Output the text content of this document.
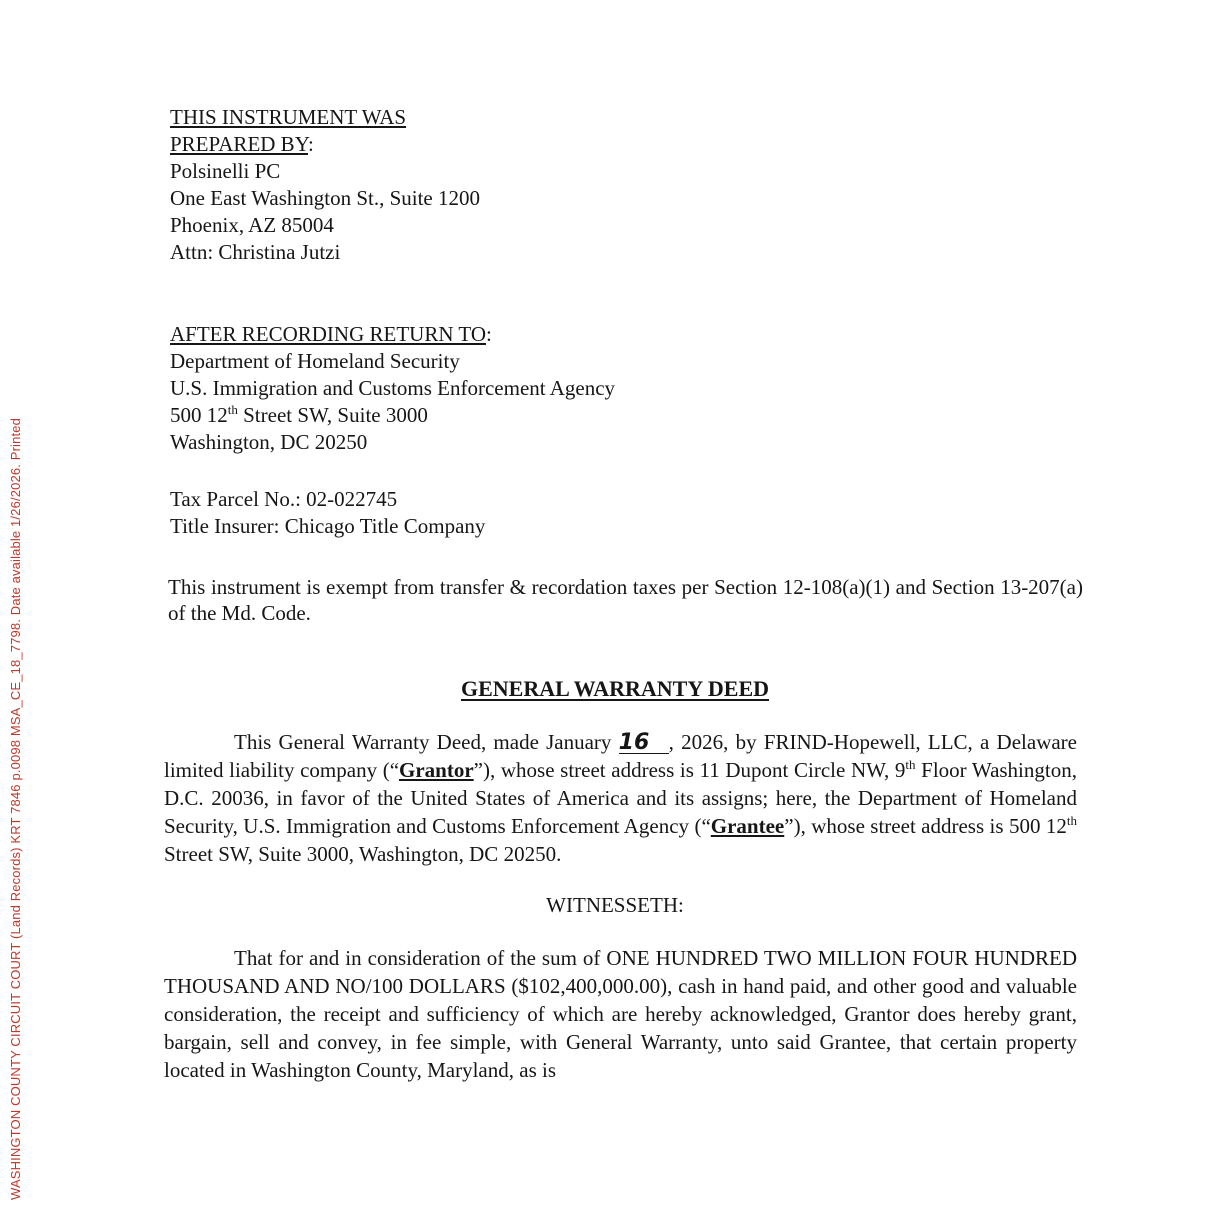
WASHINGTON COUNTY CIRCUIT COURT (Land Records) KRT 7846 p.0098 MSA_CE_18_7798. Date available 1/26/2026. Printed
THIS INSTRUMENT WAS
PREPARED BY:
Polsinelli PC
One East Washington St., Suite 1200
Phoenix, AZ 85004
Attn: Christina Jutzi
AFTER RECORDING RETURN TO:
Department of Homeland Security
U.S. Immigration and Customs Enforcement Agency
500 12th Street SW, Suite 3000
Washington, DC 20250
Tax Parcel No.: 02-022745
Title Insurer: Chicago Title Company
This instrument is exempt from transfer & recordation taxes per Section 12-108(a)(1) and Section 13-207(a) of the Md. Code.
GENERAL WARRANTY DEED
This General Warranty Deed, made January 16 , 2026, by FRIND-Hopewell, LLC, a Delaware limited liability company (“Grantor”), whose street address is 11 Dupont Circle NW, 9th Floor Washington, D.C. 20036, in favor of the United States of America and its assigns; here, the Department of Homeland Security, U.S. Immigration and Customs Enforcement Agency (“Grantee”), whose street address is 500 12th Street SW, Suite 3000, Washington, DC 20250.
WITNESSETH:
That for and in consideration of the sum of ONE HUNDRED TWO MILLION FOUR HUNDRED THOUSAND AND NO/100 DOLLARS ($102,400,000.00), cash in hand paid, and other good and valuable consideration, the receipt and sufficiency of which are hereby acknowledged, Grantor does hereby grant, bargain, sell and convey, in fee simple, with General Warranty, unto said Grantee, that certain property located in Washington County, Maryland, as is
